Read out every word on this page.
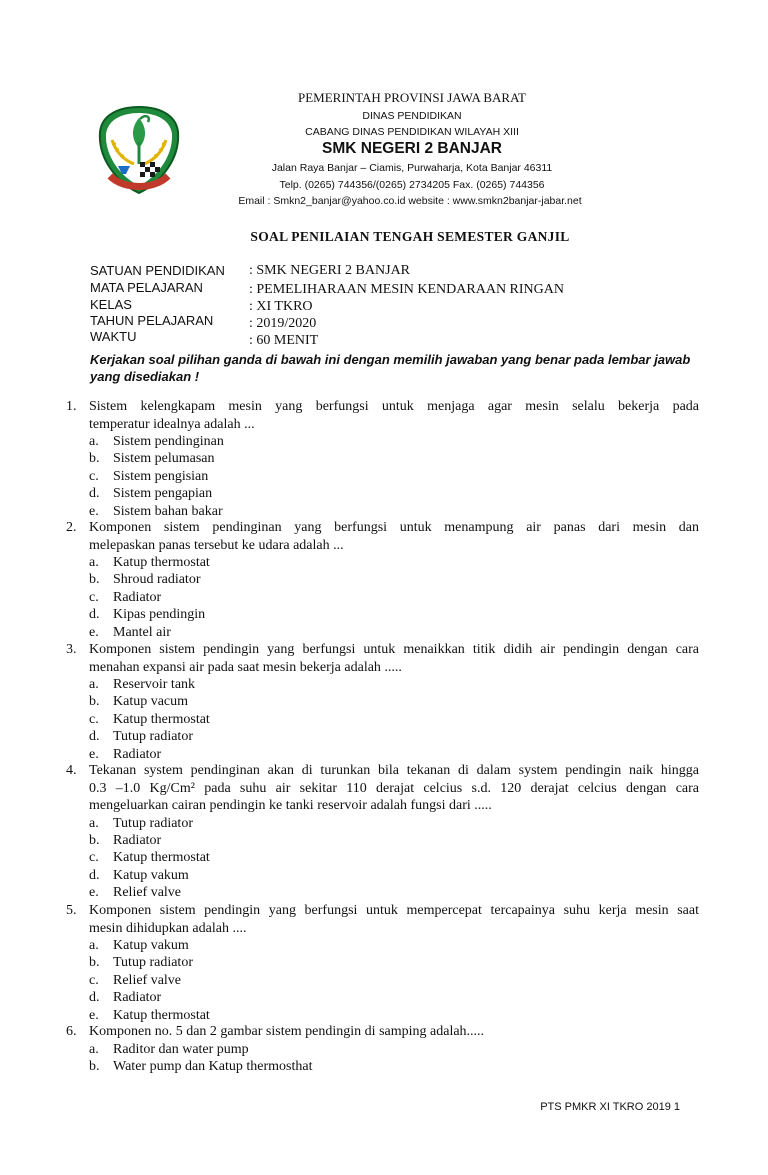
PEMERINTAH PROVINSI JAWA BARAT
DINAS PENDIDIKAN
CABANG DINAS PENDIDIKAN WILAYAH XIII
SMK NEGERI 2 BANJAR
Jalan Raya Banjar – Ciamis, Purwaharja, Kota Banjar 46311
Telp. (0265) 744356/(0265) 2734205 Fax. (0265) 744356
Email : Smkn2_banjar@yahoo.co.id website : www.smkn2banjar-jabar.net
SOAL PENILAIAN TENGAH SEMESTER GANJIL
SATUAN PENDIDIKAN : SMK NEGERI 2 BANJAR
MATA PELAJARAN	: PEMELIHARAAN MESIN KENDARAAN RINGAN
KELAS	: XI TKRO
TAHUN PELAJARAN	: 2019/2020
WAKTU	: 60 MENIT
Kerjakan soal pilihan ganda di bawah ini dengan memilih jawaban yang benar pada lembar jawab yang disediakan !
1. Sistem kelengkapam mesin yang berfungsi untuk menjaga agar mesin selalu bekerja pada
temperatur idealnya adalah ...
a. Sistem pendinginan
b. Sistem pelumasan
c. Sistem pengisian
d. Sistem pengapian
e. Sistem bahan bakar
2. Komponen sistem pendinginan yang berfungsi untuk menampung air panas dari mesin dan
melepaskan panas tersebut ke udara adalah ...
a. Katup thermostat
b. Shroud radiator
c. Radiator
d. Kipas pendingin
e. Mantel air
3. Komponen sistem pendingin yang berfungsi untuk menaikkan titik didih air pendingin dengan cara
menahan expansi air pada saat mesin bekerja adalah .....
a. Reservoir tank
b. Katup vacum
c. Katup thermostat
d. Tutup radiator
e. Radiator
4. Tekanan system pendinginan akan di turunkan bila tekanan di dalam system pendingin naik hingga
0.3 –1.0 Kg/Cm² pada suhu air sekitar 110 derajat celcius s.d. 120 derajat celcius dengan cara
mengeluarkan cairan pendingin ke tanki reservoir adalah fungsi dari .....
a. Tutup radiator
b. Radiator
c. Katup thermostat
d. Katup vakum
e. Relief valve
5. Komponen sistem pendingin yang berfungsi untuk mempercepat tercapainya suhu kerja mesin saat
mesin dihidupkan adalah ....
a. Katup vakum
b. Tutup radiator
c. Relief valve
d. Radiator
e. Katup thermostat
6. Komponen no. 5 dan 2 gambar sistem pendingin di samping adalah.....
a. Raditor dan water pump
b. Water pump dan Katup thermosthat
PTS PMKR XI TKRO 2019 1
